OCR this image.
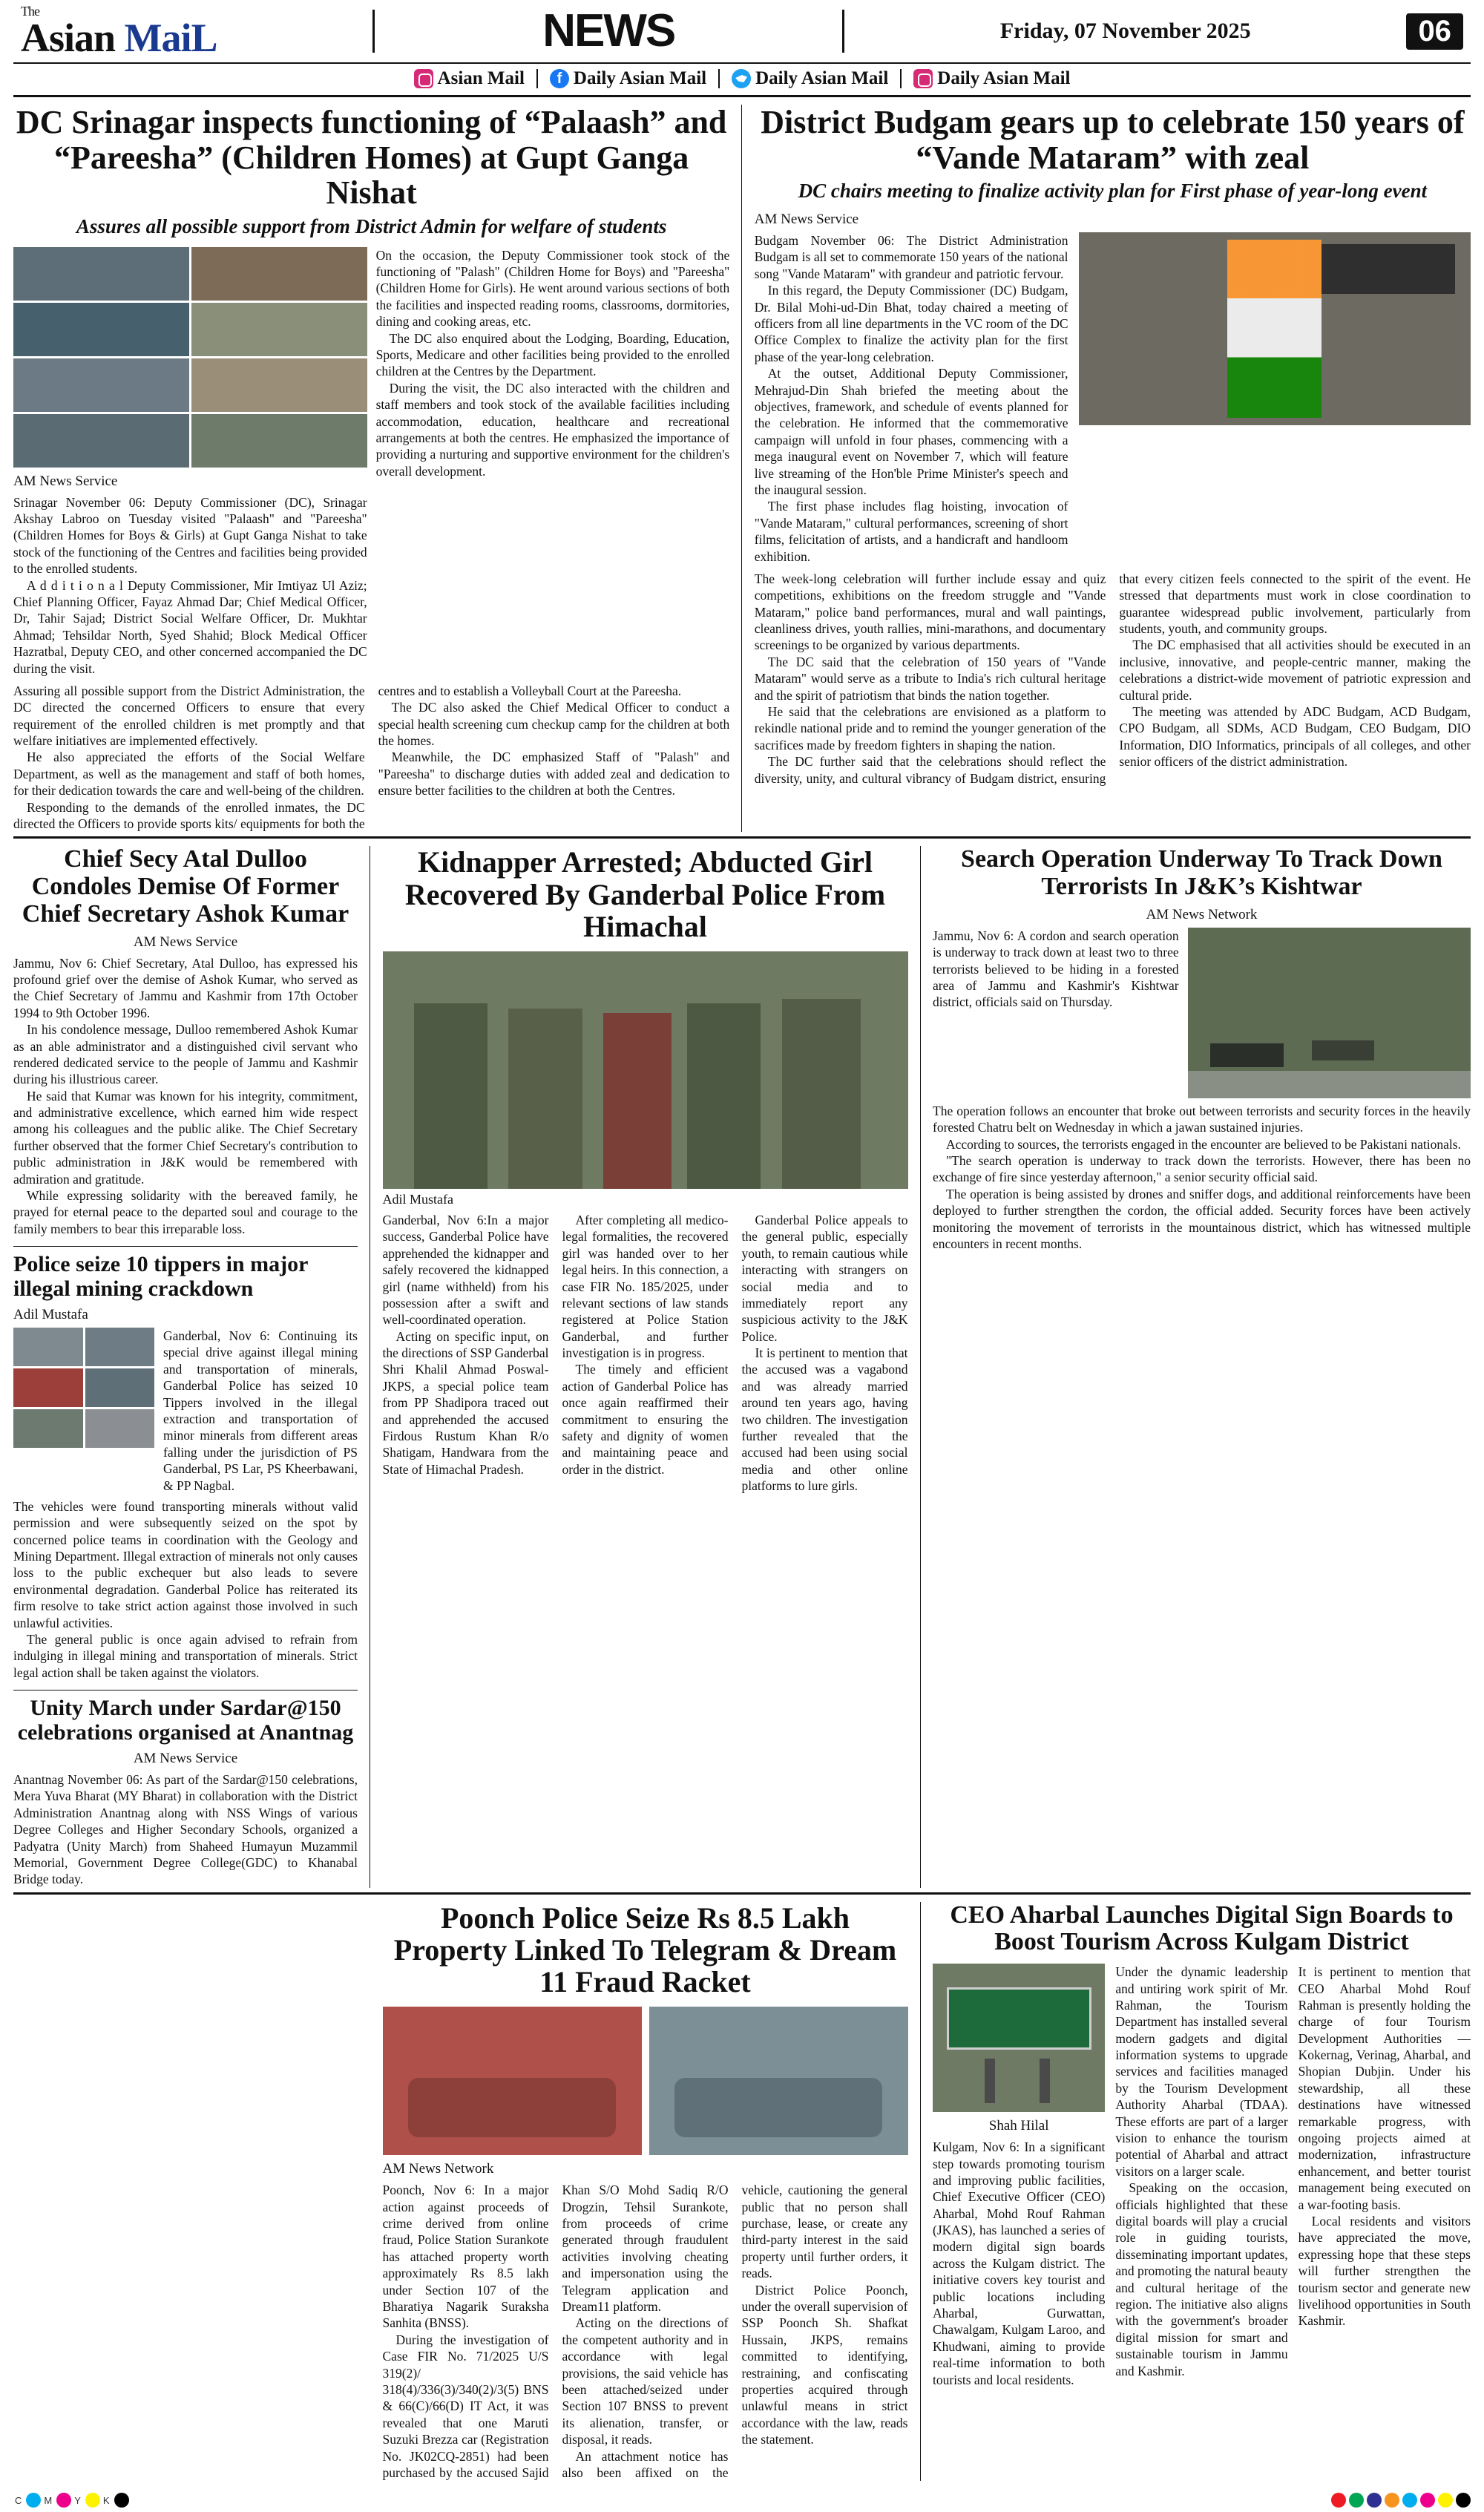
The
Asian MaiL	NEWS	Friday, 07 November 2025	06
Asian Mail	f Daily Asian Mail	Daily Asian Mail	Daily Asian Mail
DC Srinagar inspects functioning of “Palaash” and “Pareesha” (Children Homes) at Gupt Ganga Nishat
Assures all possible support from District Admin for welfare of students
AM News Service

Srinagar November 06: Deputy Commissioner (DC), Srinagar Akshay Labroo on Tuesday visited "Palaash" and "Pareesha" (Children Homes for Boys & Girls) at Gupt Ganga Nishat to take stock of the functioning of the Centres and facilities being provided to the enrolled students.

A d d i t i o n a l Deputy Commissioner, Mir Imtiyaz Ul Aziz; Chief Planning Officer, Fayaz Ahmad Dar; Chief Medical Officer, Dr, Tahir Sajad; District Social Welfare Officer, Dr. Mukhtar Ahmad; Tehsildar North, Syed Shahid; Block Medical Officer Hazratbal, Deputy CEO, and other concerned accompanied the DC during the visit.

On the occasion, the Deputy Commissioner took stock of the functioning of "Palash" (Children Home for Boys) and "Pareesha" (Children Home for Girls). He went around various sections of both the facilities and inspected reading rooms, classrooms, dormitories, dining and cooking areas, etc.

The DC also enquired about the Lodging, Boarding, Education, Sports, Medicare and other facilities being provided to the enrolled children at the Centres by the Department.

During the visit, the DC also interacted with the children and staff members and took stock of the available facilities including accommodation, education, healthcare and recreational arrangements at both the centres. He emphasized the importance of providing a nurturing and supportive environment for the children's overall development.

Assuring all possible support from the District Administration, the DC directed the concerned Officers to ensure that every requirement of the enrolled children is met promptly and that welfare initiatives are implemented effectively.

He also appreciated the efforts of the Social Welfare Department, as well as the management and staff of both homes, for their dedication towards the care and well-being of the children.

Responding to the demands of the enrolled inmates, the DC directed the Officers to provide sports kits/ equipments for both the centres and to establish a Volleyball Court at the Pareesha.

The DC also asked the Chief Medical Officer to conduct a special health screening cum checkup camp for the children at both the homes.

Meanwhile, the DC emphasized Staff of "Palash" and "Pareesha" to discharge duties with added zeal and dedication to ensure better facilities to the children at both the Centres.

District Budgam gears up to celebrate 150 years of “Vande Mataram” with zeal
DC chairs meeting to finalize activity plan for First phase of year-long event
AM News Service

Budgam November 06: The District Administration Budgam is all set to commemorate 150 years of the national song "Vande Mataram" with grandeur and patriotic fervour.

In this regard, the Deputy Commissioner (DC) Budgam, Dr. Bilal Mohi-ud-Din Bhat, today chaired a meeting of officers from all line departments in the VC room of the DC Office Complex to finalize the activity plan for the first phase of the year-long celebration.

At the outset, Additional Deputy Commissioner, Mehrajud-Din Shah briefed the meeting about the objectives, framework, and schedule of events planned for the celebration. He informed that the commemorative campaign will unfold in four phases, commencing with a mega inaugural event on November 7, which will feature live streaming of the Hon'ble Prime Minister's speech and the inaugural session.

The first phase includes flag hoisting, invocation of "Vande Mataram," cultural performances, screening of short films, felicitation of artists, and a handicraft and handloom exhibition.

The week-long celebration will further include essay and quiz competitions, exhibitions on the freedom struggle and "Vande Mataram," police band performances, mural and wall paintings, cleanliness drives, youth rallies, mini-marathons, and documentary screenings to be organized by various departments.

The DC said that the celebration of 150 years of "Vande Mataram" would serve as a tribute to India's rich cultural heritage and the spirit of patriotism that binds the nation together.

He said that the celebrations are envisioned as a platform to rekindle national pride and to remind the younger generation of the sacrifices made by freedom fighters in shaping the nation.

The DC further said that the celebrations should reflect the diversity, unity, and cultural vibrancy of Budgam district, ensuring that every citizen feels connected to the spirit of the event. He stressed that departments must work in close coordination to guarantee widespread public involvement, particularly from students, youth, and community groups.

The DC emphasised that all activities should be executed in an inclusive, innovative, and people-centric manner, making the celebrations a district-wide movement of patriotic expression and cultural pride.

The meeting was attended by ADC Budgam, ACD Budgam, CPO Budgam, all SDMs, ACD Budgam, CEO Budgam, DIO Information, DIO Informatics, principals of all colleges, and other senior officers of the district administration.

Chief Secy Atal Dulloo Condoles Demise Of Former Chief Secretary Ashok Kumar
AM News Service

Jammu, Nov 6: Chief Secretary, Atal Dulloo, has expressed his profound grief over the demise of Ashok Kumar, who served as the Chief Secretary of Jammu and Kashmir from 17th October 1994 to 9th October 1996.

In his condolence message, Dulloo remembered Ashok Kumar as an able administrator and a distinguished civil servant who rendered dedicated service to the people of Jammu and Kashmir during his illustrious career.

He said that Kumar was known for his integrity, commitment, and administrative excellence, which earned him wide respect among his colleagues and the public alike. The Chief Secretary further observed that the former Chief Secretary's contribution to public administration in J&K would be remembered with admiration and gratitude.

While expressing solidarity with the bereaved family, he prayed for eternal peace to the departed soul and courage to the family members to bear this irreparable loss.

Police seize 10 tippers in major illegal mining crackdown
Adil Mustafa

Ganderbal, Nov 6: Continuing its special drive against illegal mining and transportation of minerals, Ganderbal Police has seized 10 Tippers involved in the illegal extraction and transportation of minor minerals from different areas falling under the jurisdiction of PS Ganderbal, PS Lar, PS Kheerbawani, & PP Nagbal.

The vehicles were found transporting minerals without valid permission and were subsequently seized on the spot by concerned police teams in coordination with the Geology and Mining Department. Illegal extraction of minerals not only causes loss to the public exchequer but also leads to severe environmental degradation. Ganderbal Police has reiterated its firm resolve to take strict action against those involved in such unlawful activities.

The general public is once again advised to refrain from indulging in illegal mining and transportation of minerals. Strict legal action shall be taken against the violators.

Unity March under Sardar@150 celebrations organised at Anantnag
AM News Service

Anantnag November 06: As part of the Sardar@150 celebrations, Mera Yuva Bharat (MY Bharat) in collaboration with the District Administration Anantnag along with NSS Wings of various Degree Colleges and Higher Secondary Schools, organized a Padyatra (Unity March) from Shaheed Humayun Muzammil Memorial, Government Degree College(GDC) to Khanabal Bridge today.

Kidnapper Arrested; Abducted Girl Recovered By Ganderbal Police From Himachal
Adil Mustafa

Ganderbal, Nov 6:In a major success, Ganderbal Police have apprehended the kidnapper and safely recovered the kidnapped girl (name withheld) from his possession after a swift and well-coordinated operation.

Acting on specific input, on the directions of SSP Ganderbal Shri Khalil Ahmad Poswal-JKPS, a special police team from PP Shadipora traced out and apprehended the accused Firdous Rustum Khan R/o Shatigam, Handwara from the State of Himachal Pradesh.

After completing all medico-legal formalities, the recovered girl was handed over to her legal heirs. In this connection, a case FIR No. 185/2025, under relevant sections of law stands registered at Police Station Ganderbal, and further investigation is in progress.

The timely and efficient action of Ganderbal Police has once again reaffirmed their commitment to ensuring the safety and dignity of women and maintaining peace and order in the district.

Ganderbal Police appeals to the general public, especially youth, to remain cautious while interacting with strangers on social media and to immediately report any suspicious activity to the J&K Police.

It is pertinent to mention that the accused was a vagabond and was already married around ten years ago, having two children. The investigation further revealed that the accused had been using social media and other online platforms to lure girls.

Search Operation Underway To Track Down Terrorists In J&K’s Kishtwar
AM News Network

Jammu, Nov 6: A cordon and search operation is underway to track down at least two to three terrorists believed to be hiding in a forested area of Jammu and Kashmir's Kishtwar district, officials said on Thursday.

The operation follows an encounter that broke out between terrorists and security forces in the heavily forested Chatru belt on Wednesday in which a jawan sustained injuries.

According to sources, the terrorists engaged in the encounter are believed to be Pakistani nationals.

"The search operation is underway to track down the terrorists. However, there has been no exchange of fire since yesterday afternoon," a senior security official said.

The operation is being assisted by drones and sniffer dogs, and additional reinforcements have been deployed to further strengthen the cordon, the official added. Security forces have been actively monitoring the movement of terrorists in the mountainous district, which has witnessed multiple encounters in recent months.

Poonch Police Seize Rs 8.5 Lakh Property Linked To Telegram & Dream 11 Fraud Racket
AM News Network

Poonch, Nov 6: In a major action against proceeds of crime derived from online fraud, Police Station Surankote has attached property worth approximately Rs 8.5 lakh under Section 107 of the Bharatiya Nagarik Suraksha Sanhita (BNSS).

During the investigation of Case FIR No. 71/2025 U/S 319(2)/ 318(4)/336(3)/340(2)/3(5) BNS & 66(C)/66(D) IT Act, it was revealed that one Maruti Suzuki Brezza car (Registration No. JK02CQ-2851) had been purchased by the accused Sajid Khan S/O Mohd Sadiq R/O Drogzin, Tehsil Surankote, from proceeds of crime generated through fraudulent activities involving cheating and impersonation using the Telegram application and Dream11 platform.

Acting on the directions of the competent authority and in accordance with legal provisions, the said vehicle has been attached/seized under Section 107 BNSS to prevent its alienation, transfer, or disposal, it reads.

An attachment notice has also been affixed on the vehicle, cautioning the general public that no person shall purchase, lease, or create any third-party interest in the said property until further orders, it reads.

District Police Poonch, under the overall supervision of SSP Poonch Sh. Shafkat Hussain, JKPS, remains committed to identifying, restraining, and confiscating properties acquired through unlawful means in strict accordance with the law, reads the statement.

CEO Aharbal Launches Digital Sign Boards to Boost Tourism Across Kulgam District
Shah Hilal

Kulgam, Nov 6: In a significant step towards promoting tourism and improving public facilities, Chief Executive Officer (CEO) Aharbal, Mohd Rouf Rahman (JKAS), has launched a series of modern digital sign boards across the Kulgam district. The initiative covers key tourist and public locations including Aharbal, Gurwattan, Chawalgam, Kulgam Laroo, and Khudwani, aiming to provide real-time information to both tourists and local residents.

Under the dynamic leadership and untiring work spirit of Mr. Rahman, the Tourism Department has installed several modern gadgets and digital information systems to upgrade services and facilities managed by the Tourism Development Authority Aharbal (TDAA). These efforts are part of a larger vision to enhance the tourism potential of Aharbal and attract visitors on a larger scale.

Speaking on the occasion, officials highlighted that these digital boards will play a crucial role in guiding tourists, disseminating important updates, and promoting the natural beauty and cultural heritage of the region. The initiative also aligns with the government's broader digital mission for smart and sustainable tourism in Jammu and Kashmir.

It is pertinent to mention that CEO Aharbal Mohd Rouf Rahman is presently holding the charge of four Tourism Development Authorities — Kokernag, Verinag, Aharbal, and Shopian Dubjin. Under his stewardship, all these destinations have witnessed remarkable progress, with ongoing projects aimed at modernization, infrastructure enhancement, and better tourist management being executed on a war-footing basis.

Local residents and visitors have appreciated the move, expressing hope that these steps will further strengthen the tourism sector and generate new livelihood opportunities in South Kashmir.

C M Y K
